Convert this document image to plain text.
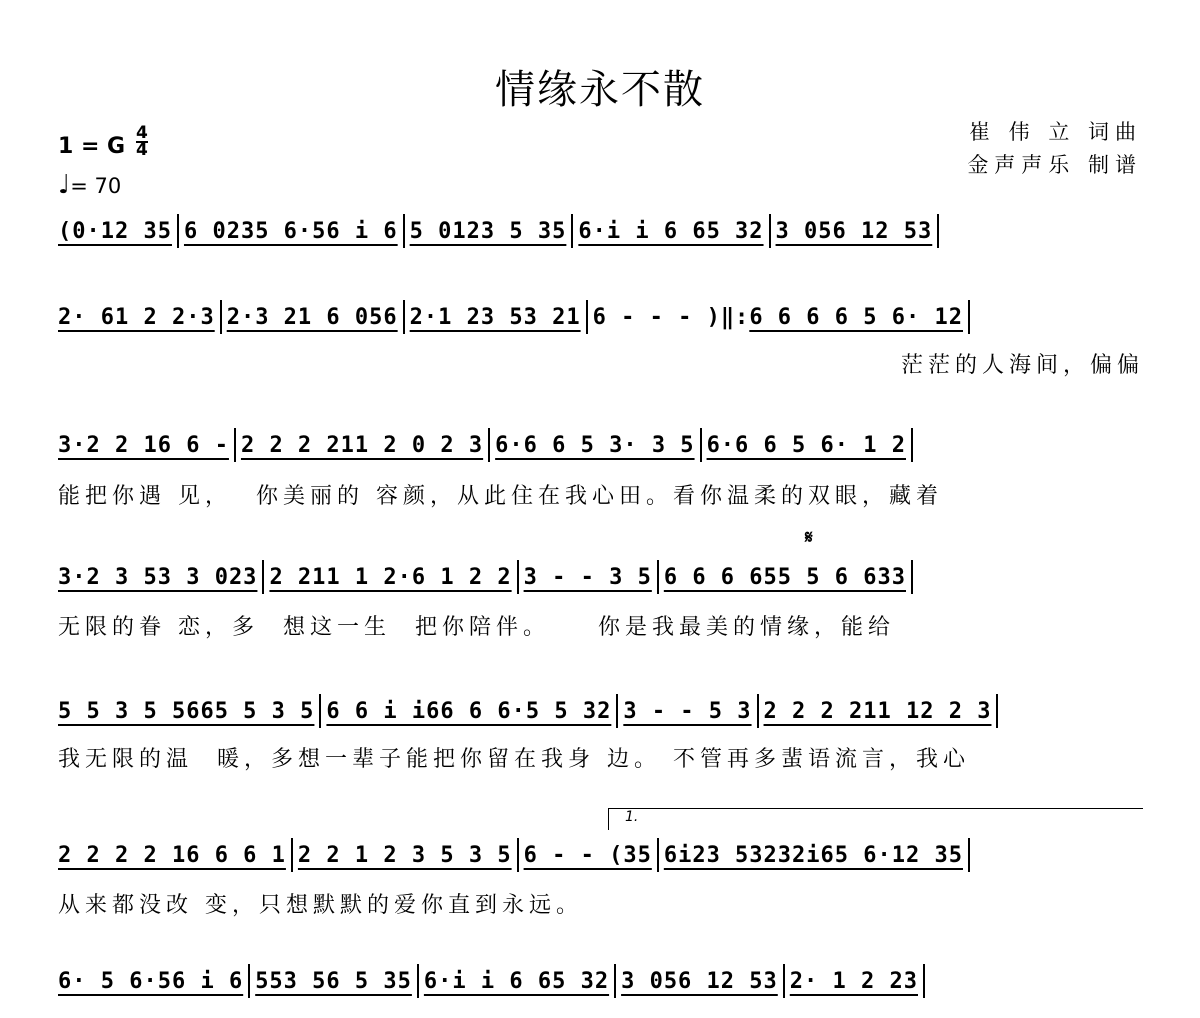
情缘永不散
崔 伟 立 词曲
金声声乐 制谱
1 = G
4
4
♩= 70
(0·12 35 6 0235 6·56 i 6 5 0123 5 35 6·i i 6 65 32 3 056 12 53
2· 61 2 2·3 2·3 21 6 056 2·1 23 53 21 6 - - - )‖: 6 6 6 6 5 6· 12
茫茫的人海间，偏偏
3·2 2 16 6 - 2 2 2 211 2 0 2 3 6·6 6 5 3· 3 5 6·6 6 5 6· 1 2
能把你遇 见，  你美丽的 容颜，从此住在我心田。看你温柔的双眼，藏着
𝄋
3·2 3 53 3 023 2 211 1 2·6 1 2 2 3 - - 3 5 6 6 6 655 5 6 633
无限的眷 恋，多  想这一生  把你陪伴。    你是我最美的情缘，能给
5 5 3 5 5665 5 3 5 6 6 i i66 6 6·5 5 32 3 - - 5 3 2 2 2 211 12 2 3
我无限的温  暖，多想一辈子能把你留在我身 边。 不管再多蜚语流言，我心
1.
2 2 2 2 16 6 6 1 2 2 1 2 3 5 3 5 6 - - (35 6i23 53232i65 6·12 35
从来都没改 变，只想默默的爱你直到永远。
6· 5 6·56 i 6 553 56 5 35 6·i i 6 65 32 3 056 12 53 2· 1 2 23
